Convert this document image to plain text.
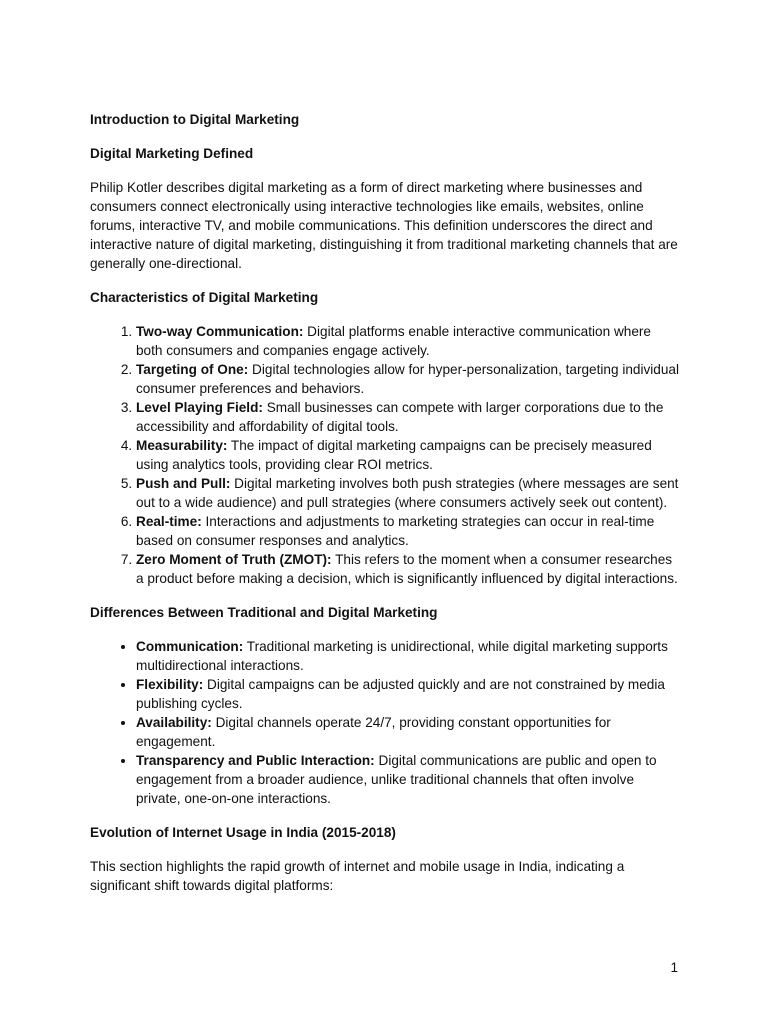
Introduction to Digital Marketing
Digital Marketing Defined

Philip Kotler describes digital marketing as a form of direct marketing where businesses and consumers connect electronically using interactive technologies like emails, websites, online forums, interactive TV, and mobile communications. This definition underscores the direct and interactive nature of digital marketing, distinguishing it from traditional marketing channels that are generally one-directional.

Characteristics of Digital Marketing
1. Two-way Communication: Digital platforms enable interactive communication where both consumers and companies engage actively.
2. Targeting of One: Digital technologies allow for hyper-personalization, targeting individual consumer preferences and behaviors.
3. Level Playing Field: Small businesses can compete with larger corporations due to the accessibility and affordability of digital tools.
4. Measurability: The impact of digital marketing campaigns can be precisely measured using analytics tools, providing clear ROI metrics.
5. Push and Pull: Digital marketing involves both push strategies (where messages are sent out to a wide audience) and pull strategies (where consumers actively seek out content).
6. Real-time: Interactions and adjustments to marketing strategies can occur in real-time based on consumer responses and analytics.
7. Zero Moment of Truth (ZMOT): This refers to the moment when a consumer researches a product before making a decision, which is significantly influenced by digital interactions.
Differences Between Traditional and Digital Marketing
• Communication: Traditional marketing is unidirectional, while digital marketing supports multidirectional interactions.
• Flexibility: Digital campaigns can be adjusted quickly and are not constrained by media publishing cycles.
• Availability: Digital channels operate 24/7, providing constant opportunities for engagement.
• Transparency and Public Interaction: Digital communications are public and open to engagement from a broader audience, unlike traditional channels that often involve private, one-on-one interactions.
Evolution of Internet Usage in India (2015-2018)

This section highlights the rapid growth of internet and mobile usage in India, indicating a significant shift towards digital platforms:

1
